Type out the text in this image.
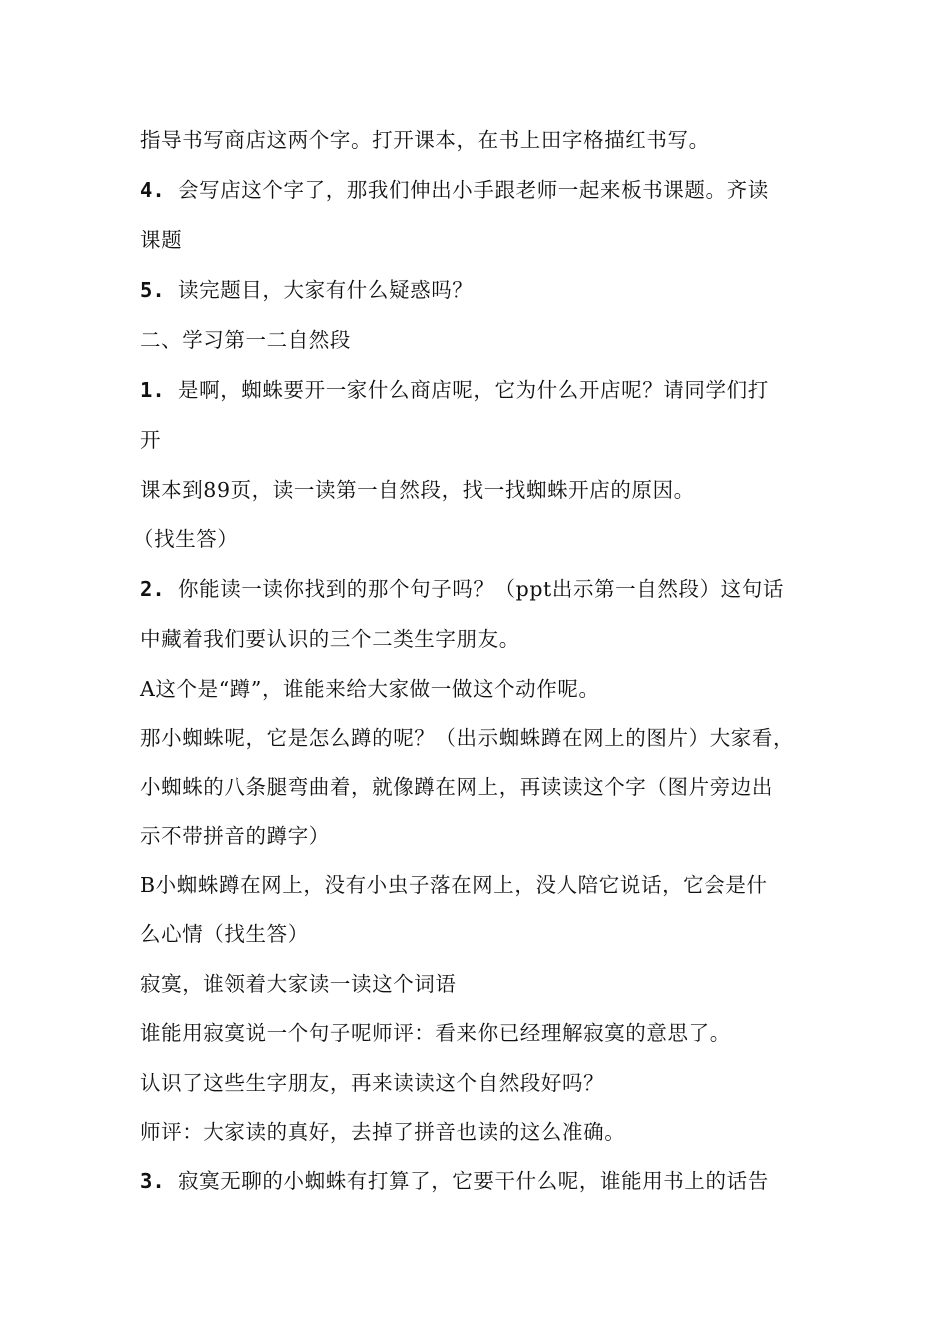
指导书写商店这两个字。打开课本，在书上田字格描红书写。
4. 会写店这个字了，那我们伸出小手跟老师一起来板书课题。齐读
课题
5. 读完题目，大家有什么疑惑吗？
二、学习第一二自然段
1. 是啊，蜘蛛要开一家什么商店呢，它为什么开店呢？请同学们打
开
课本到89页，读一读第一自然段，找一找蜘蛛开店的原因。
（找生答）
2. 你能读一读你找到的那个句子吗？（ppt出示第一自然段）这句话
中藏着我们要认识的三个二类生字朋友。
A这个是“蹲”，谁能来给大家做一做这个动作呢。
那小蜘蛛呢，它是怎么蹲的呢？（出示蜘蛛蹲在网上的图片）大家看，
小蜘蛛的八条腿弯曲着，就像蹲在网上，再读读这个字（图片旁边出
示不带拼音的蹲字）
B小蜘蛛蹲在网上，没有小虫子落在网上，没人陪它说话，它会是什
么心情（找生答）
寂寞，谁领着大家读一读这个词语
谁能用寂寞说一个句子呢师评：看来你已经理解寂寞的意思了。
认识了这些生字朋友，再来读读这个自然段好吗？
师评：大家读的真好，去掉了拼音也读的这么准确。
3. 寂寞无聊的小蜘蛛有打算了，它要干什么呢，谁能用书上的话告
